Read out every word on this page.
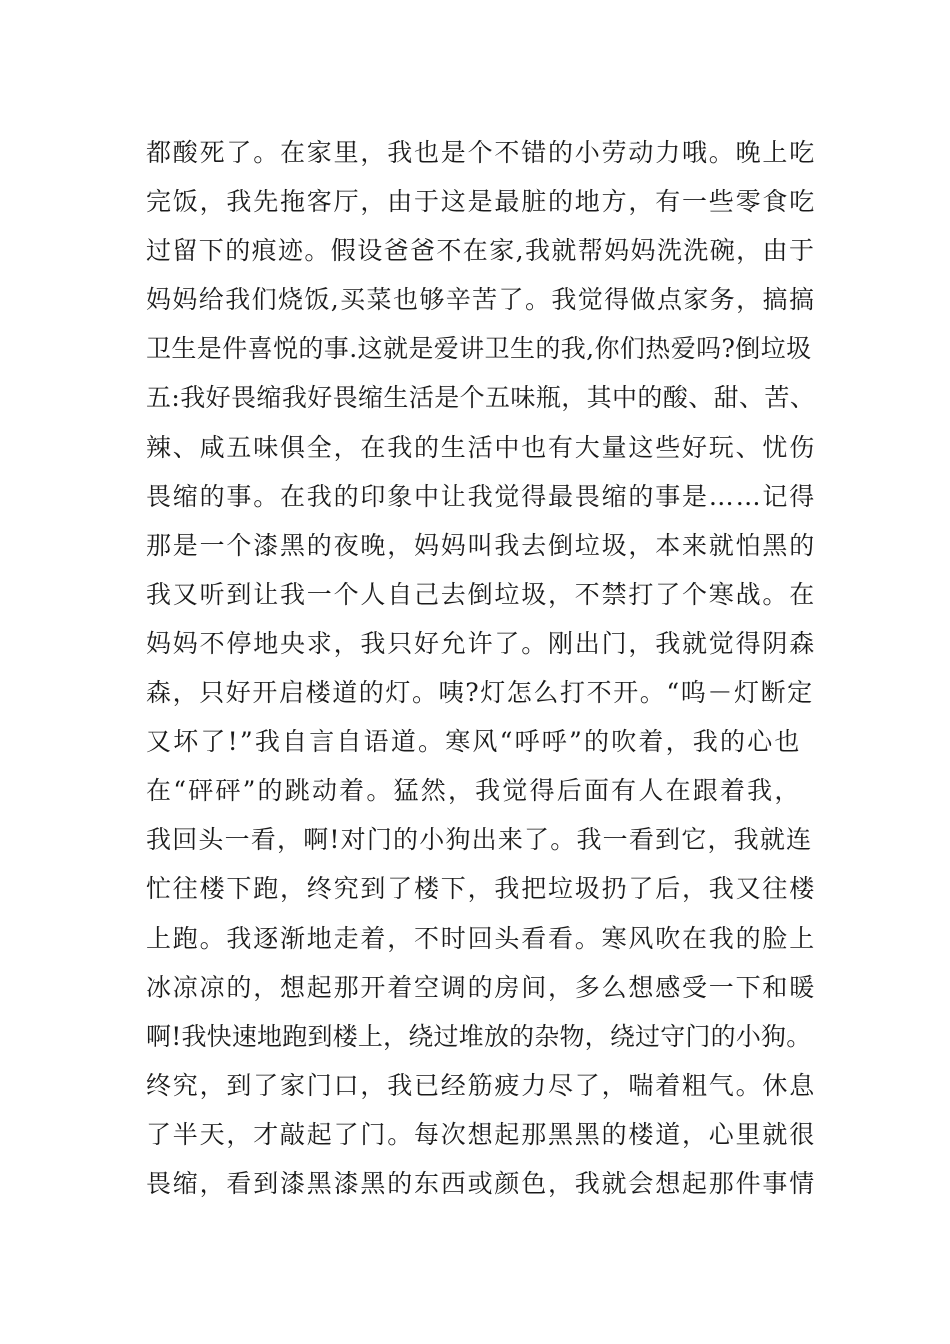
都酸死了。在家里，我也是个不错的小劳动力哦。晚上吃
完饭，我先拖客厅，由于这是最脏的地方，有一些零食吃
过留下的痕迹。假设爸爸不在家,我就帮妈妈洗洗碗，由于
妈妈给我们烧饭,买菜也够辛苦了。我觉得做点家务，搞搞
卫生是件喜悦的事.这就是爱讲卫生的我,你们热爱吗?倒垃圾
五:我好畏缩我好畏缩生活是个五味瓶，其中的酸、甜、苦、
辣、咸五味俱全，在我的生活中也有大量这些好玩、忧伤
畏缩的事。在我的印象中让我觉得最畏缩的事是……记得
那是一个漆黑的夜晚，妈妈叫我去倒垃圾，本来就怕黑的
我又听到让我一个人自己去倒垃圾，不禁打了个寒战。在
妈妈不停地央求，我只好允许了。刚出门，我就觉得阴森
森，只好开启楼道的灯。咦?灯怎么打不开。“呜－灯断定
又坏了!”我自言自语道。寒风“呼呼”的吹着，我的心也
在“砰砰”的跳动着。猛然，我觉得后面有人在跟着我，
我回头一看，啊!对门的小狗出来了。我一看到它，我就连
忙往楼下跑，终究到了楼下，我把垃圾扔了后，我又往楼
上跑。我逐渐地走着，不时回头看看。寒风吹在我的脸上
冰凉凉的，想起那开着空调的房间，多么想感受一下和暖
啊!我快速地跑到楼上，绕过堆放的杂物，绕过守门的小狗。
终究，到了家门口，我已经筋疲力尽了，喘着粗气。休息
了半天，才敲起了门。每次想起那黑黑的楼道，心里就很
畏缩，看到漆黑漆黑的东西或颜色，我就会想起那件事情
